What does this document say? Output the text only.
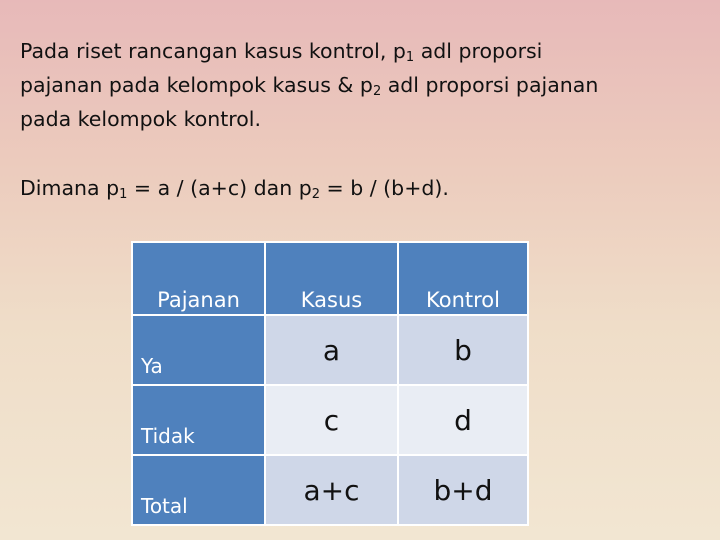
Pada riset rancangan kasus kontrol, $p_1$ adl proporsi
pajanan pada kelompok kasus & $p_2$ adl proporsi pajanan
pada kelompok kontrol.

Dimana $p_1 = a / (a+c)$ dan $p_2 = b / (b+d)$.

Pajanan	Kasus	Kontrol

Ya	a	b

Tidak	c	d

Total	a+c	b+d
